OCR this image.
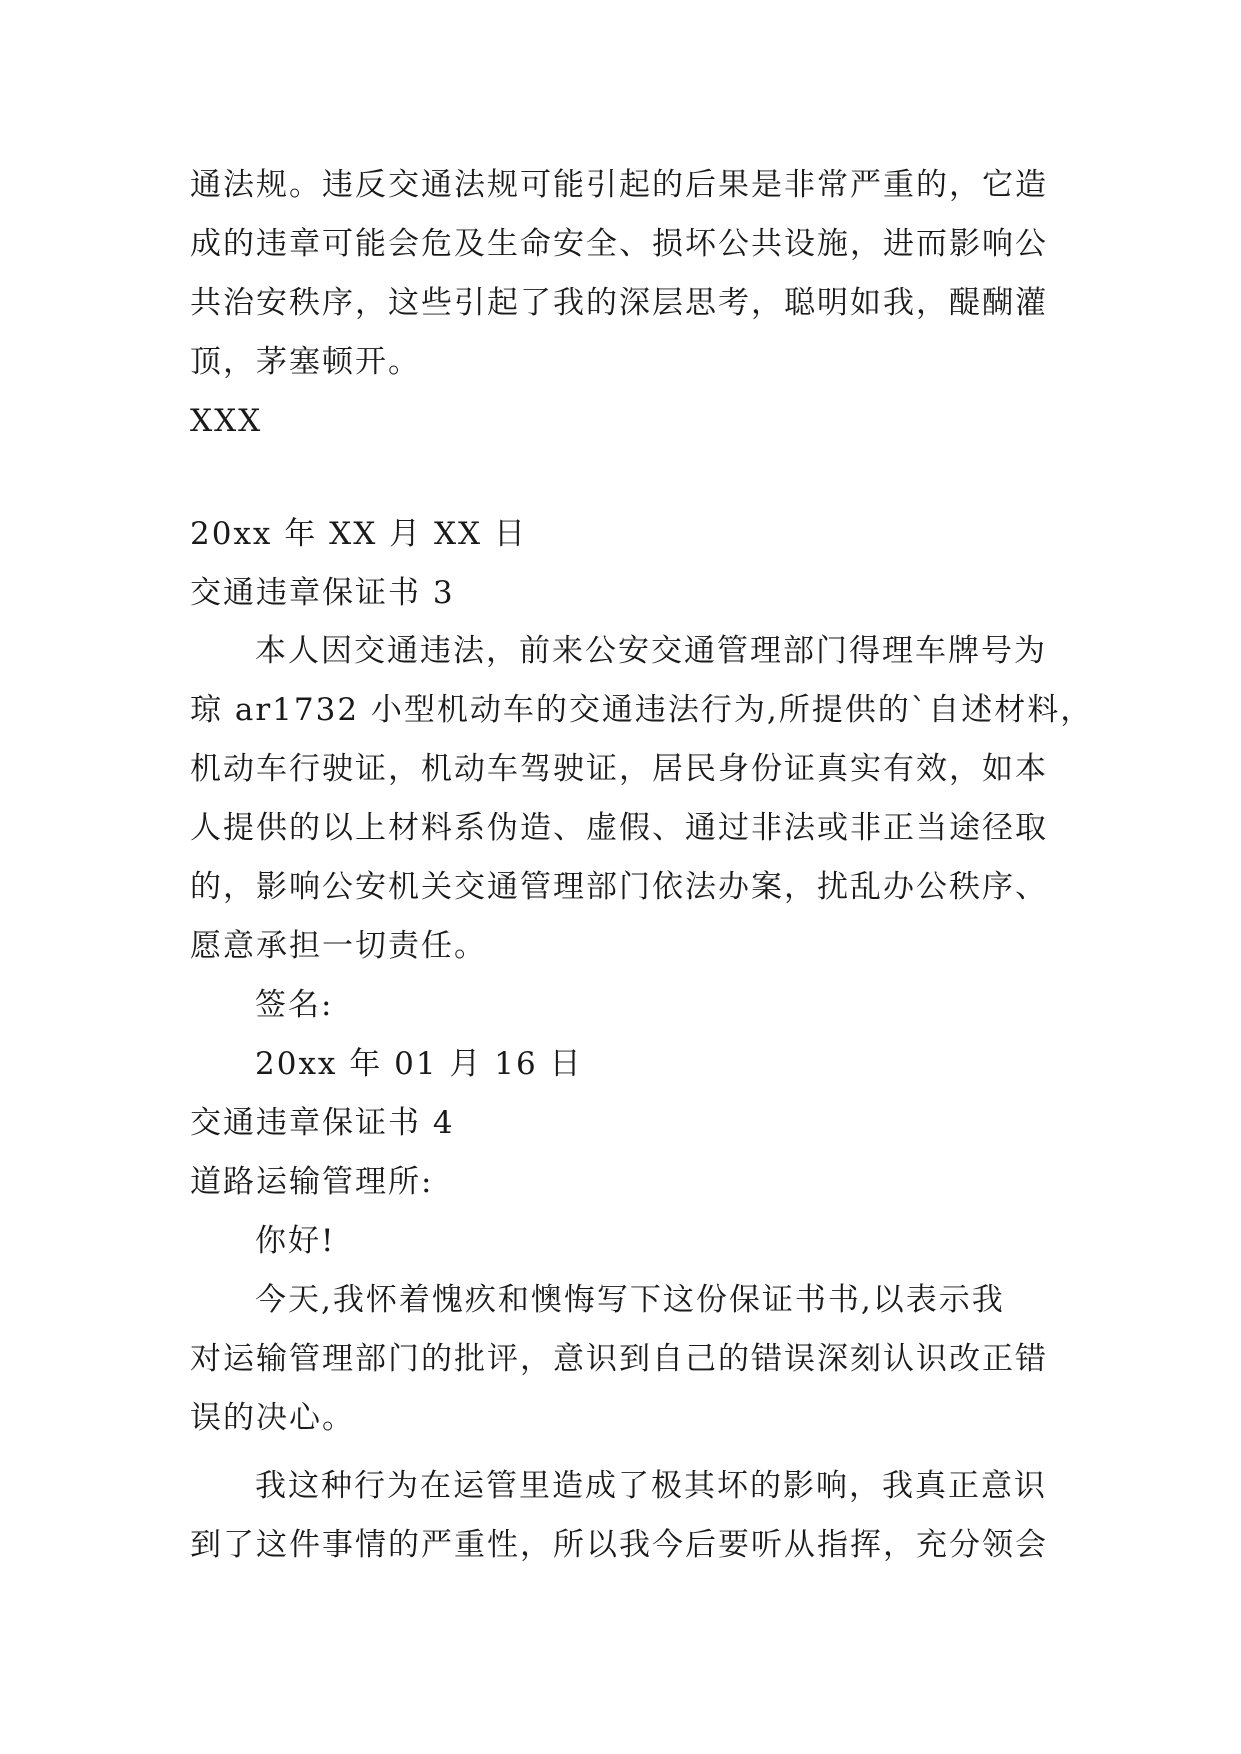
通法规。违反交通法规可能引起的后果是非常严重的，它造
成的违章可能会危及生命安全、损坏公共设施，进而影响公
共治安秩序，这些引起了我的深层思考，聪明如我，醍醐灌
顶，茅塞顿开。
XXX
20xx 年 XX 月 XX 日
交通违章保证书 3
本人因交通违法，前来公安交通管理部门得理车牌号为
琼 ar1732 小型机动车的交通违法行为,所提供的`自述材料，
机动车行驶证，机动车驾驶证，居民身份证真实有效，如本
人提供的以上材料系伪造、虚假、通过非法或非正当途径取
的，影响公安机关交通管理部门依法办案，扰乱办公秩序、
愿意承担一切责任。
签名:
20xx 年 01 月 16 日
交通违章保证书 4
道路运输管理所:
你好!
今天,我怀着愧疚和懊悔写下这份保证书书,以表示我
对运输管理部门的批评，意识到自己的错误深刻认识改正错
误的决心。
我这种行为在运管里造成了极其坏的影响，我真正意识
到了这件事情的严重性，所以我今后要听从指挥，充分领会
